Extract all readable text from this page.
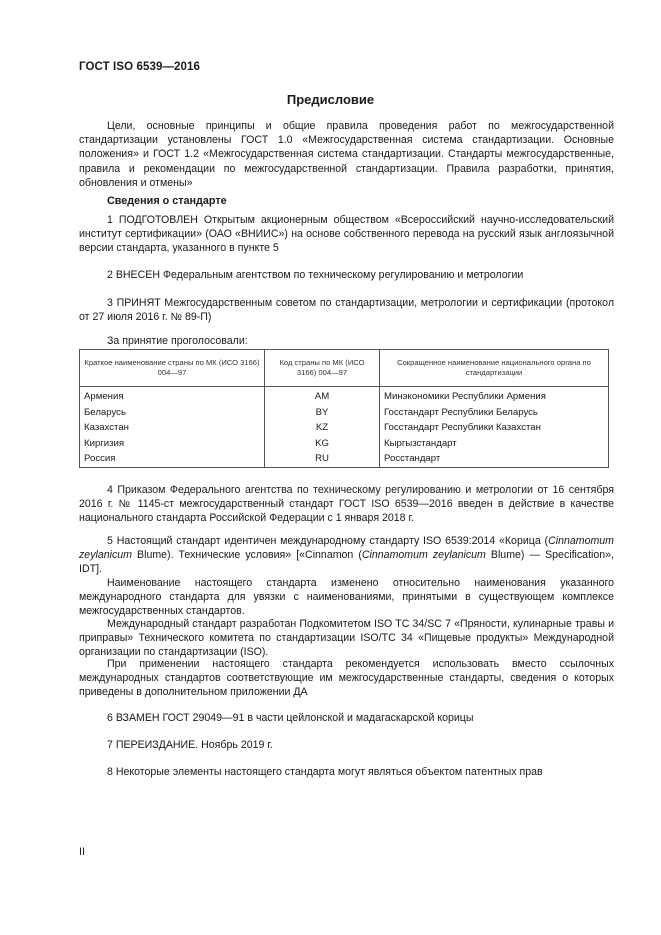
ГОСТ ISO 6539—2016
Предисловие
Цели, основные принципы и общие правила проведения работ по межгосударственной стандартизации установлены ГОСТ 1.0 «Межгосударственная система стандартизации. Основные положения» и ГОСТ 1.2 «Межгосударственная система стандартизации. Стандарты межгосударственные, правила и рекомендации по межгосударственной стандартизации. Правила разработки, принятия, обновления и отмены»
Сведения о стандарте
1 ПОДГОТОВЛЕН Открытым акционерным обществом «Всероссийский научно-исследовательский институт сертификации» (ОАО «ВНИИС») на основе собственного перевода на русский язык англоязычной версии стандарта, указанного в пункте 5
2 ВНЕСЕН Федеральным агентством по техническому регулированию и метрологии
3 ПРИНЯТ Межгосударственным советом по стандартизации, метрологии и сертификации (протокол от 27 июля 2016 г. № 89-П)
За принятие проголосовали:
Краткое наименование страны по МК (ИСО 3166) 004—97	Код страны по МК (ИСО 3166) 004—97	Сокращенное наименование национального органа по стандартизации
Армения	AM	Минэкономики Республики Армения
Беларусь	BY	Госстандарт Республики Беларусь
Казахстан	KZ	Госстандарт Республики Казахстан
Киргизия	KG	Кыргызстандарт
Россия	RU	Росстандарт
4 Приказом Федерального агентства по техническому регулированию и метрологии от 16 сентября 2016 г. № 1145-ст межгосударственный стандарт ГОСТ ISO 6539—2016 введен в действие в качестве национального стандарта Российской Федерации с 1 января 2018 г.
5 Настоящий стандарт идентичен международному стандарту ISO 6539:2014 «Корица (Cinnamomum zeylanicum Blume). Технические условия» [«Cinnamon (Cinnamomum zeylanicum Blume) — Specification», IDT].
Наименование настоящего стандарта изменено относительно наименования указанного международного стандарта для увязки с наименованиями, принятыми в существующем комплексе межгосударственных стандартов.
Международный стандарт разработан Подкомитетом ISO TC 34/SC 7 «Пряности, кулинарные травы и приправы» Технического комитета по стандартизации ISO/TC 34 «Пищевые продукты» Международной организации по стандартизации (ISO).
При применении настоящего стандарта рекомендуется использовать вместо ссылочных международных стандартов соответствующие им межгосударственные стандарты, сведения о которых приведены в дополнительном приложении ДА
6 ВЗАМЕН ГОСТ 29049—91 в части цейлонской и мадагаскарской корицы
7 ПЕРЕИЗДАНИЕ. Ноябрь 2019 г.
8 Некоторые элементы настоящего стандарта могут являться объектом патентных прав
II
